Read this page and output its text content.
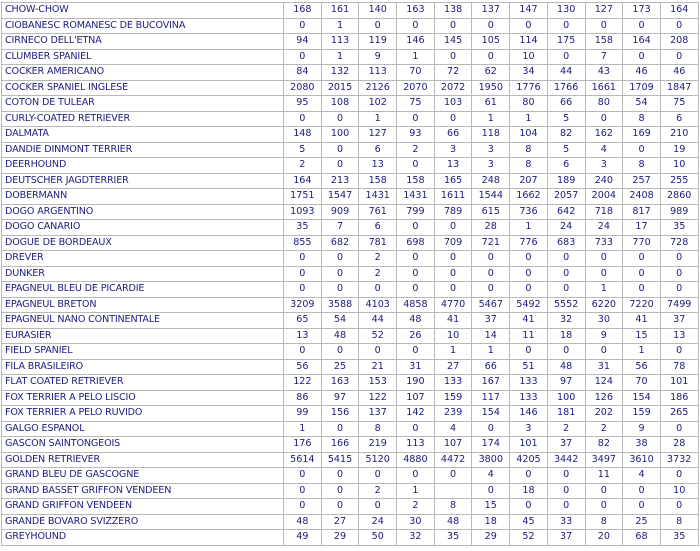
CHOW-CHOW	168	161	140	163	138	137	147	130	127	173	164
CIOBANESC ROMANESC DE BUCOVINA	0	1	0	0	0	0	0	0	0	0	0
CIRNECO DELL'ETNA	94	113	119	146	145	105	114	175	158	164	208
CLUMBER SPANIEL	0	1	9	1	0	0	10	0	7	0	0
COCKER AMERICANO	84	132	113	70	72	62	34	44	43	46	46
COCKER SPANIEL INGLESE	2080	2015	2126	2070	2072	1950	1776	1766	1661	1709	1847
COTON DE TULEAR	95	108	102	75	103	61	80	66	80	54	75
CURLY-COATED RETRIEVER	0	0	1	0	0	1	1	5	0	8	6
DALMATA	148	100	127	93	66	118	104	82	162	169	210
DANDIE DINMONT TERRIER	5	0	6	2	3	3	8	5	4	0	19
DEERHOUND	2	0	13	0	13	3	8	6	3	8	10
DEUTSCHER JAGDTERRIER	164	213	158	158	165	248	207	189	240	257	255
DOBERMANN	1751	1547	1431	1431	1611	1544	1662	2057	2004	2408	2860
DOGO ARGENTINO	1093	909	761	799	789	615	736	642	718	817	989
DOGO CANARIO	35	7	6	0	0	28	1	24	24	17	35
DOGUE DE BORDEAUX	855	682	781	698	709	721	776	683	733	770	728
DREVER	0	0	2	0	0	0	0	0	0	0	0
DUNKER	0	0	2	0	0	0	0	0	0	0	0
EPAGNEUL BLEU DE PICARDIE	0	0	0	0	0	0	0	0	1	0	0
EPAGNEUL BRETON	3209	3588	4103	4858	4770	5467	5492	5552	6220	7220	7499
EPAGNEUL NANO CONTINENTALE	65	54	44	48	41	37	41	32	30	41	37
EURASIER	13	48	52	26	10	14	11	18	9	15	13
FIELD SPANIEL	0	0	0	0	1	1	0	0	0	1	0
FILA BRASILEIRO	56	25	21	31	27	66	51	48	31	56	78
FLAT COATED RETRIEVER	122	163	153	190	133	167	133	97	124	70	101
FOX TERRIER A PELO LISCIO	86	97	122	107	159	117	133	100	126	154	186
FOX TERRIER A PELO RUVIDO	99	156	137	142	239	154	146	181	202	159	265
GALGO ESPANOL	1	0	8	0	4	0	3	2	2	9	0
GASCON SAINTONGEOIS	176	166	219	113	107	174	101	37	82	38	28
GOLDEN RETRIEVER	5614	5415	5120	4880	4472	3800	4205	3442	3497	3610	3732
GRAND BLEU DE GASCOGNE	0	0	0	0	0	4	0	0	11	4	0
GRAND BASSET GRIFFON VENDEEN	0	0	2	1		0	18	0	0	0	10
GRAND GRIFFON VENDEEN	0	0	0	2	8	15	0	0	0	0	0
GRANDE BOVARO SVIZZERO	48	27	24	30	48	18	45	33	8	25	8
GREYHOUND	49	29	50	32	35	29	52	37	20	68	35
